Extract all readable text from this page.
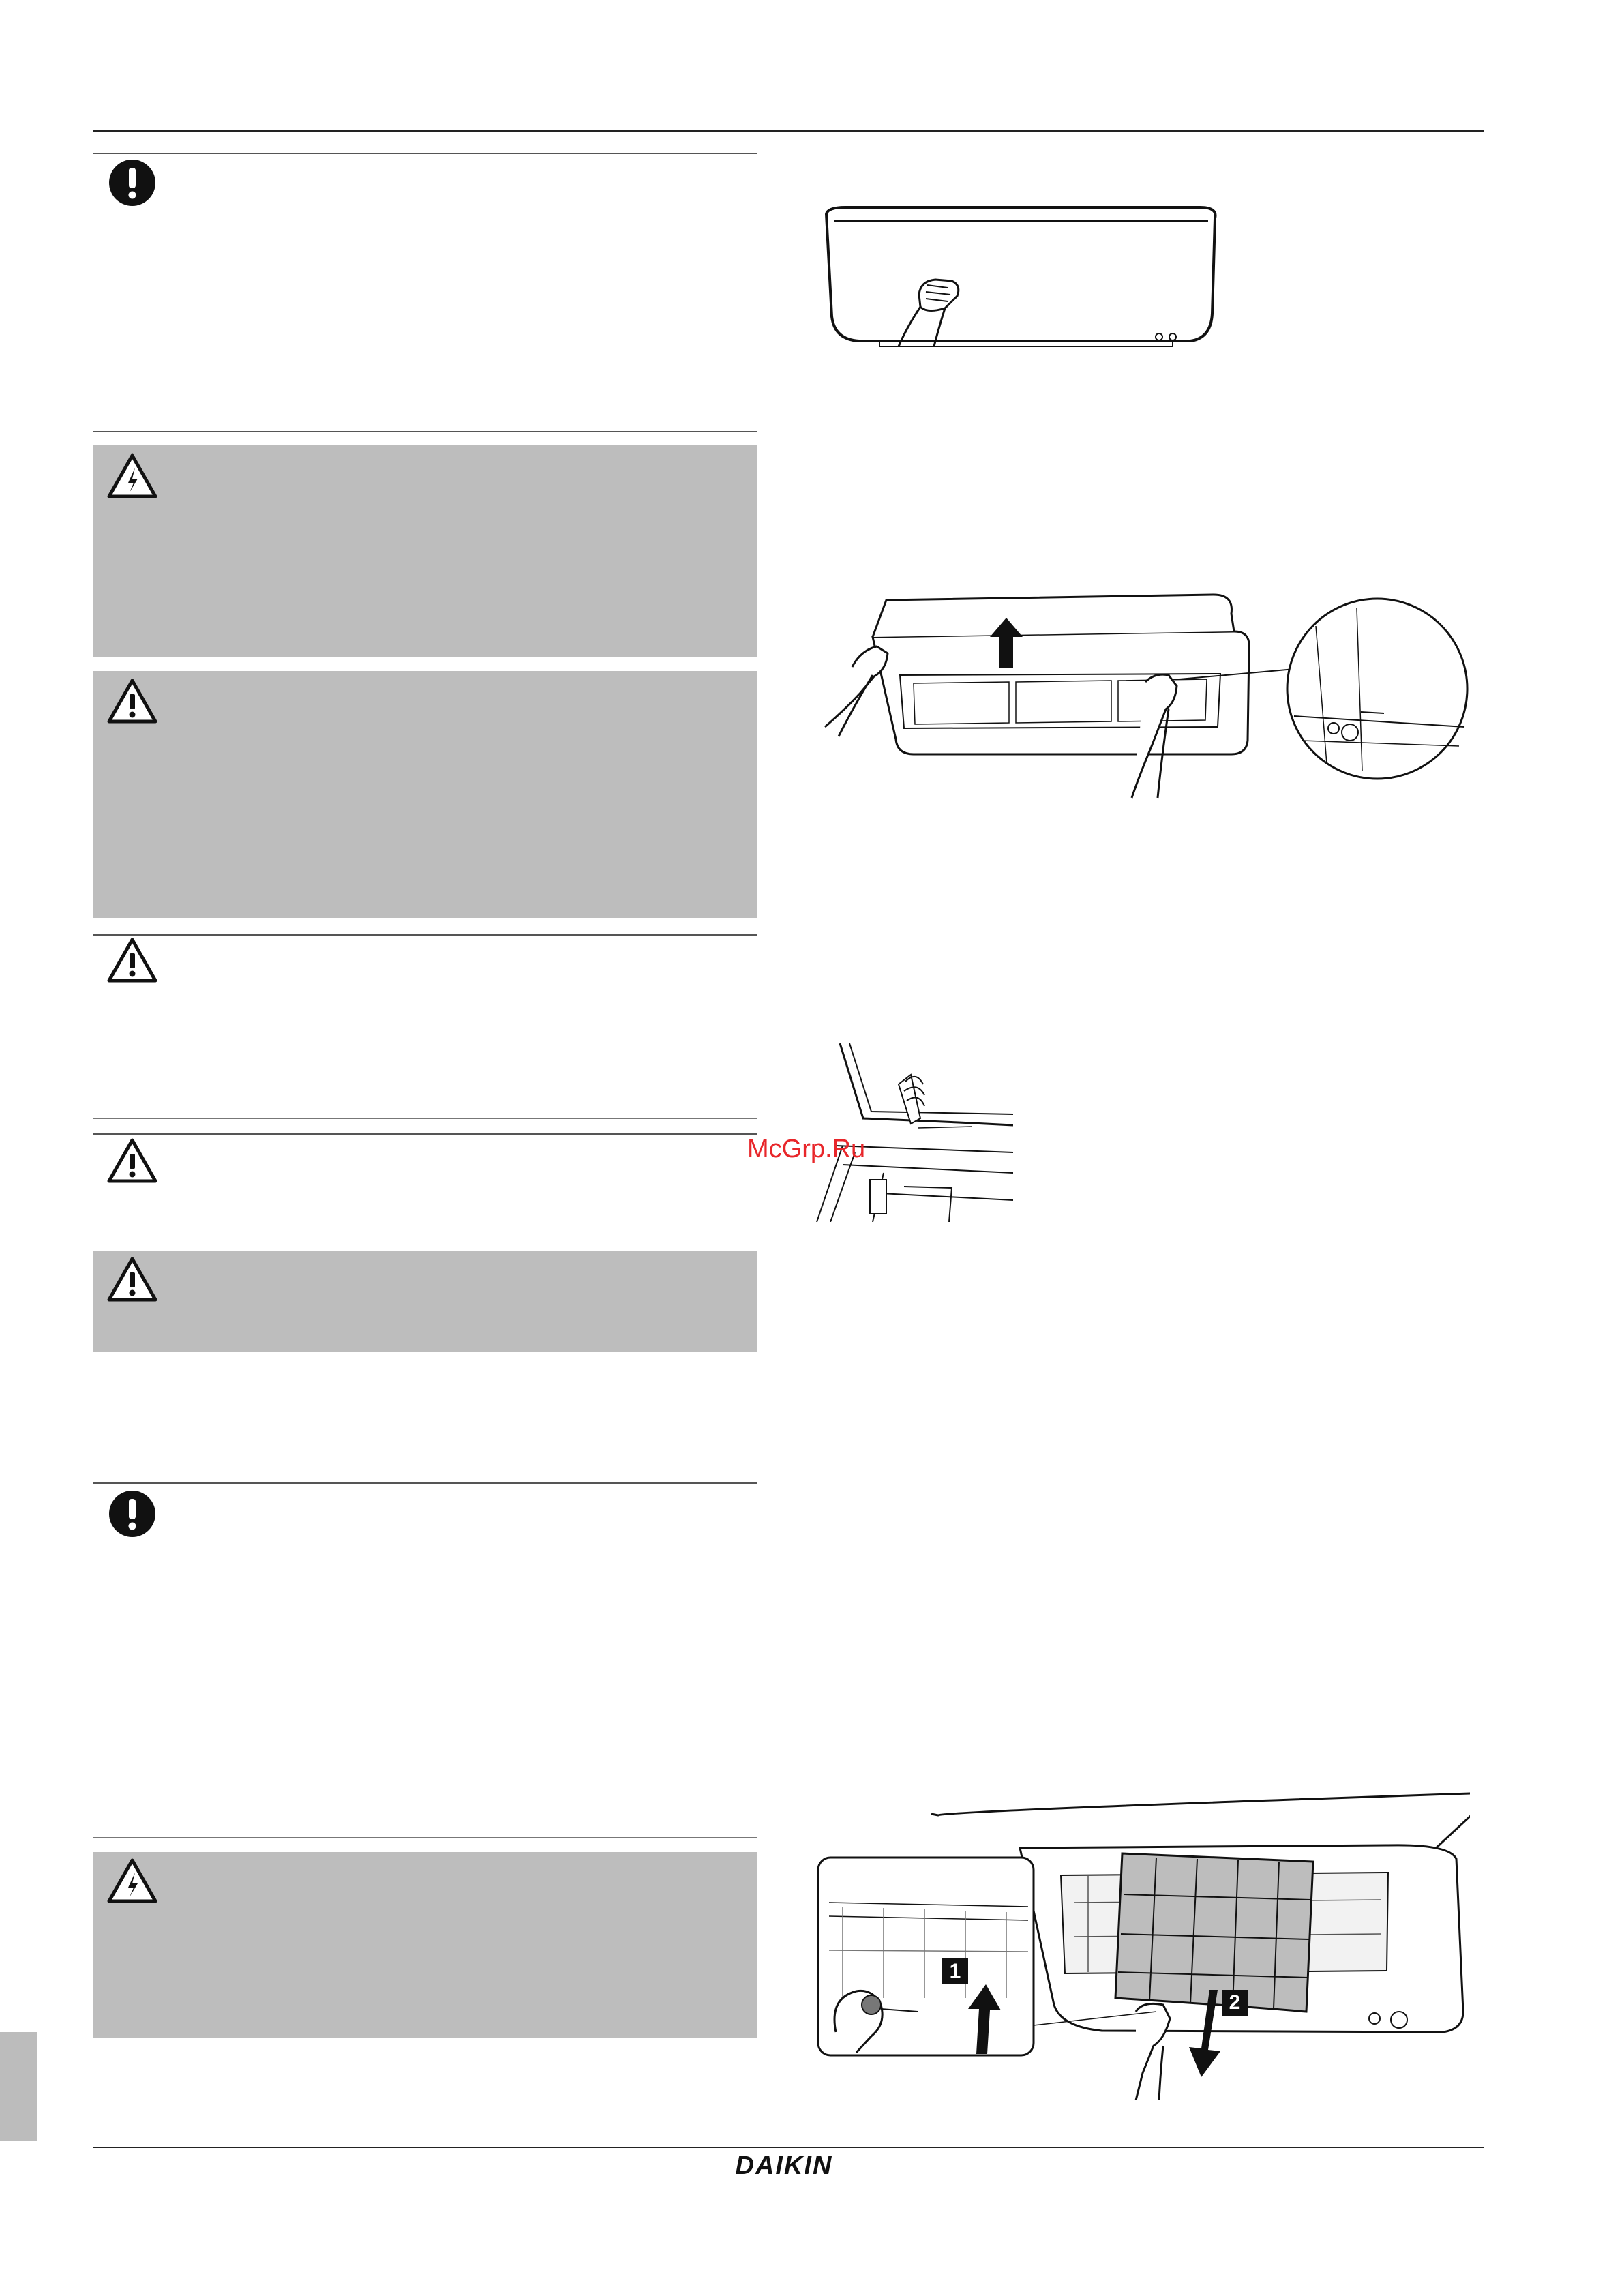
McGrp.Ru
1
2
DAIKIN
